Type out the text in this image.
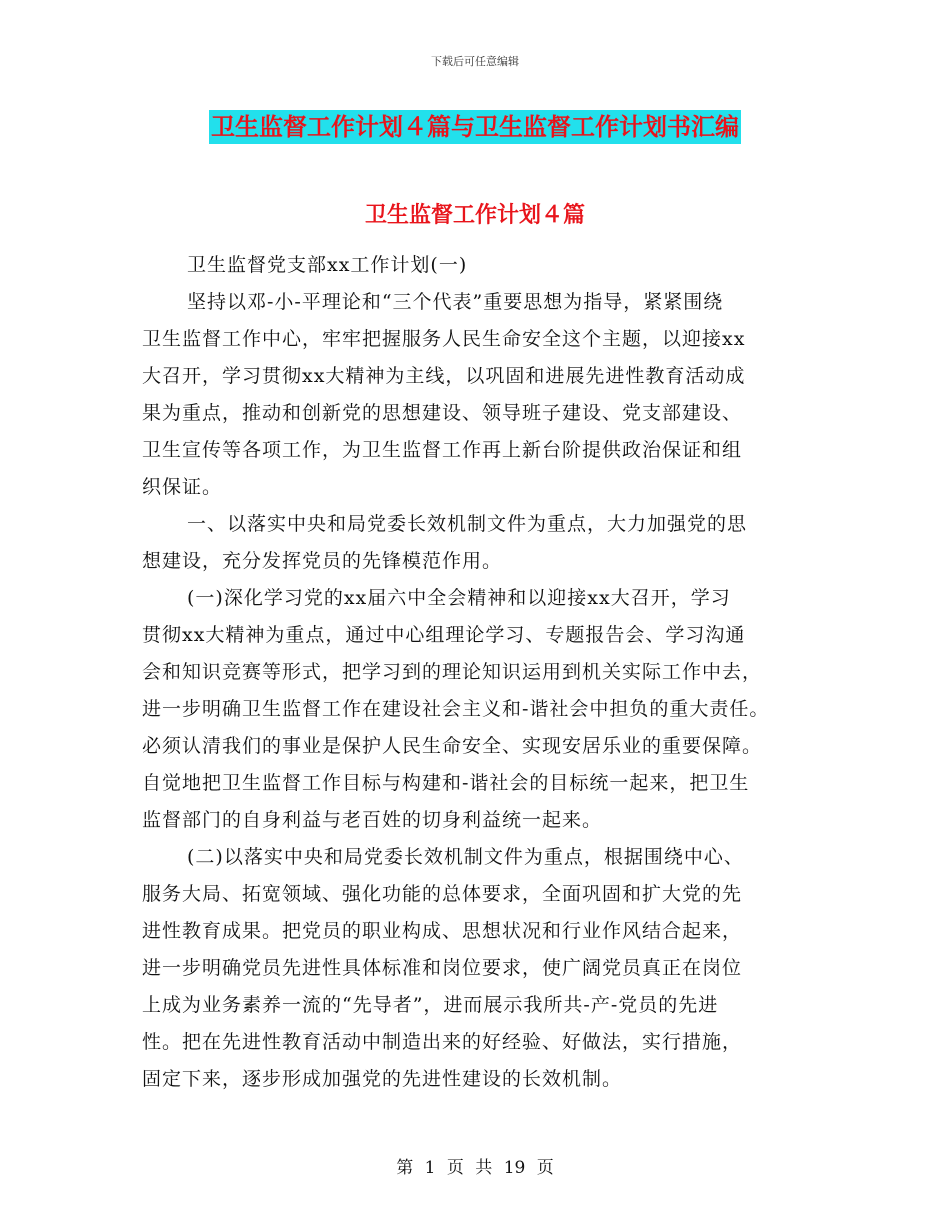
下载后可任意编辑
卫生监督工作计划４篇与卫生监督工作计划书汇编
卫生监督工作计划４篇
卫生监督党支部xx工作计划(一)
坚持以邓-小-平理论和“三个代表”重要思想为指导，紧紧围绕
卫生监督工作中心，牢牢把握服务人民生命安全这个主题，以迎接xx
大召开，学习贯彻xx大精神为主线，以巩固和进展先进性教育活动成
果为重点，推动和创新党的思想建设、领导班子建设、党支部建设、
卫生宣传等各项工作，为卫生监督工作再上新台阶提供政治保证和组
织保证。
一、以落实中央和局党委长效机制文件为重点，大力加强党的思
想建设，充分发挥党员的先锋模范作用。
(一)深化学习党的xx届六中全会精神和以迎接xx大召开，学习
贯彻xx大精神为重点，通过中心组理论学习、专题报告会、学习沟通
会和知识竞赛等形式，把学习到的理论知识运用到机关实际工作中去，
进一步明确卫生监督工作在建设社会主义和-谐社会中担负的重大责任。
必须认清我们的事业是保护人民生命安全、实现安居乐业的重要保障。
自觉地把卫生监督工作目标与构建和-谐社会的目标统一起来，把卫生
监督部门的自身利益与老百姓的切身利益统一起来。
(二)以落实中央和局党委长效机制文件为重点，根据围绕中心、
服务大局、拓宽领域、强化功能的总体要求，全面巩固和扩大党的先
进性教育成果。把党员的职业构成、思想状况和行业作风结合起来，
进一步明确党员先进性具体标准和岗位要求，使广阔党员真正在岗位
上成为业务素养一流的“先导者”，进而展示我所共-产-党员的先进
性。把在先进性教育活动中制造出来的好经验、好做法，实行措施，
固定下来，逐步形成加强党的先进性建设的长效机制。
第 1 页 共 19 页
